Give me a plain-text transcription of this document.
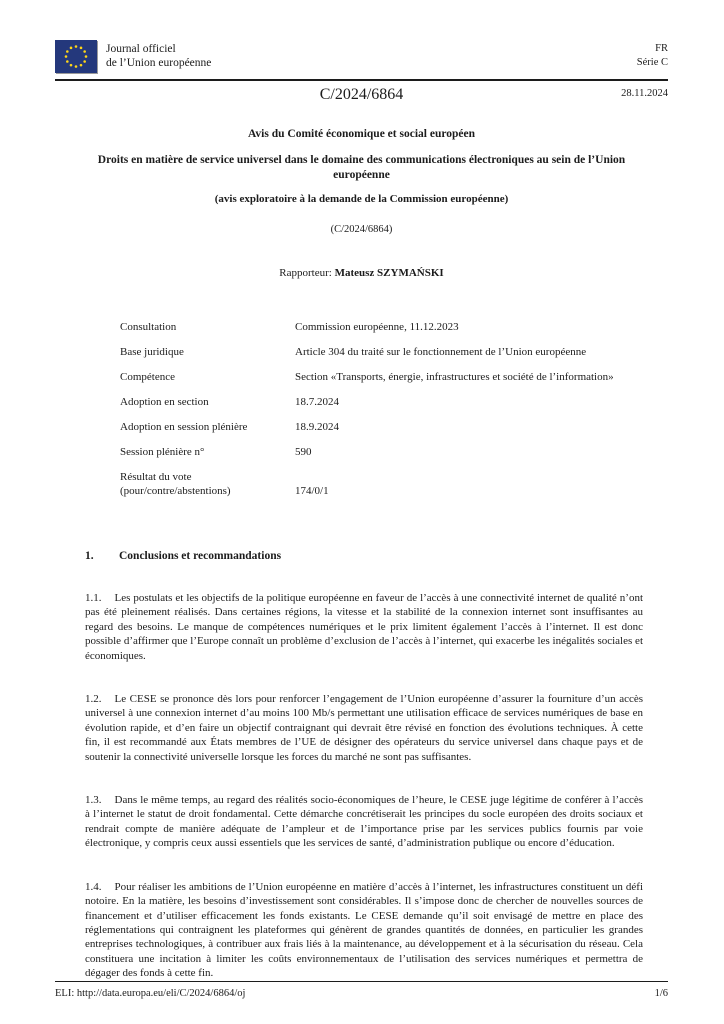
Journal officiel
de l’Union européenne
FR
Série C
C/2024/6864	28.11.2024

Avis du Comité économique et social européen

Droits en matière de service universel dans le domaine des communications électroniques au sein de l’Union européenne

(avis exploratoire à la demande de la Commission européenne)

(C/2024/6864)

Rapporteur: Mateusz SZYMAŃSKI

Consultation	Commission européenne, 11.12.2023
Base juridique	Article 304 du traité sur le fonctionnement de l’Union européenne
Compétence	Section «Transports, énergie, infrastructures et société de l’information»
Adoption en section	18.7.2024
Adoption en session plénière	18.9.2024
Session plénière n°	590
Résultat du vote
(pour/contre/abstentions)	174/0/1

1. Conclusions et recommandations

1.1. Les postulats et les objectifs de la politique européenne en faveur de l’accès à une connectivité internet de qualité n’ont pas été pleinement réalisés. Dans certaines régions, la vitesse et la stabilité de la connexion internet sont insuffisantes au regard des besoins. Le manque de compétences numériques et le prix limitent également l’accès à l’internet. Il est donc possible d’affirmer que l’Europe connaît un problème d’exclusion de l’accès à l’internet, qui exacerbe les inégalités sociales et économiques.

1.2. Le CESE se prononce dès lors pour renforcer l’engagement de l’Union européenne d’assurer la fourniture d’un accès universel à une connexion internet d’au moins 100 Mb/s permettant une utilisation efficace de services numériques de base en évolution rapide, et d’en faire un objectif contraignant qui devrait être révisé en fonction des évolutions techniques. À cette fin, il est recommandé aux États membres de l’UE de désigner des opérateurs du service universel dans chaque pays et de soutenir la connectivité universelle lorsque les forces du marché ne sont pas suffisantes.

1.3. Dans le même temps, au regard des réalités socio-économiques de l’heure, le CESE juge légitime de conférer à l’accès à l’internet le statut de droit fondamental. Cette démarche concrétiserait les principes du socle européen des droits sociaux et rendrait compte de manière adéquate de l’ampleur et de l’importance prise par les services publics fournis par voie électronique, y compris ceux aussi essentiels que les services de santé, d’administration publique ou encore d’éducation.

1.4. Pour réaliser les ambitions de l’Union européenne en matière d’accès à l’internet, les infrastructures constituent un défi notoire. En la matière, les besoins d’investissement sont considérables. Il s’impose donc de chercher de nouvelles sources de financement et d’utiliser efficacement les fonds existants. Le CESE demande qu’il soit envisagé de mettre en place des réglementations qui contraignent les plateformes qui génèrent de grandes quantités de données, en particulier les grandes entreprises technologiques, à contribuer aux frais liés à la maintenance, au développement et à la sécurisation du réseau. Cela constituera une incitation à limiter les coûts environnementaux de l’utilisation des services numériques et permettra de dégager des fonds à cette fin.

ELI: http://data.europa.eu/eli/C/2024/6864/oj	1/6
